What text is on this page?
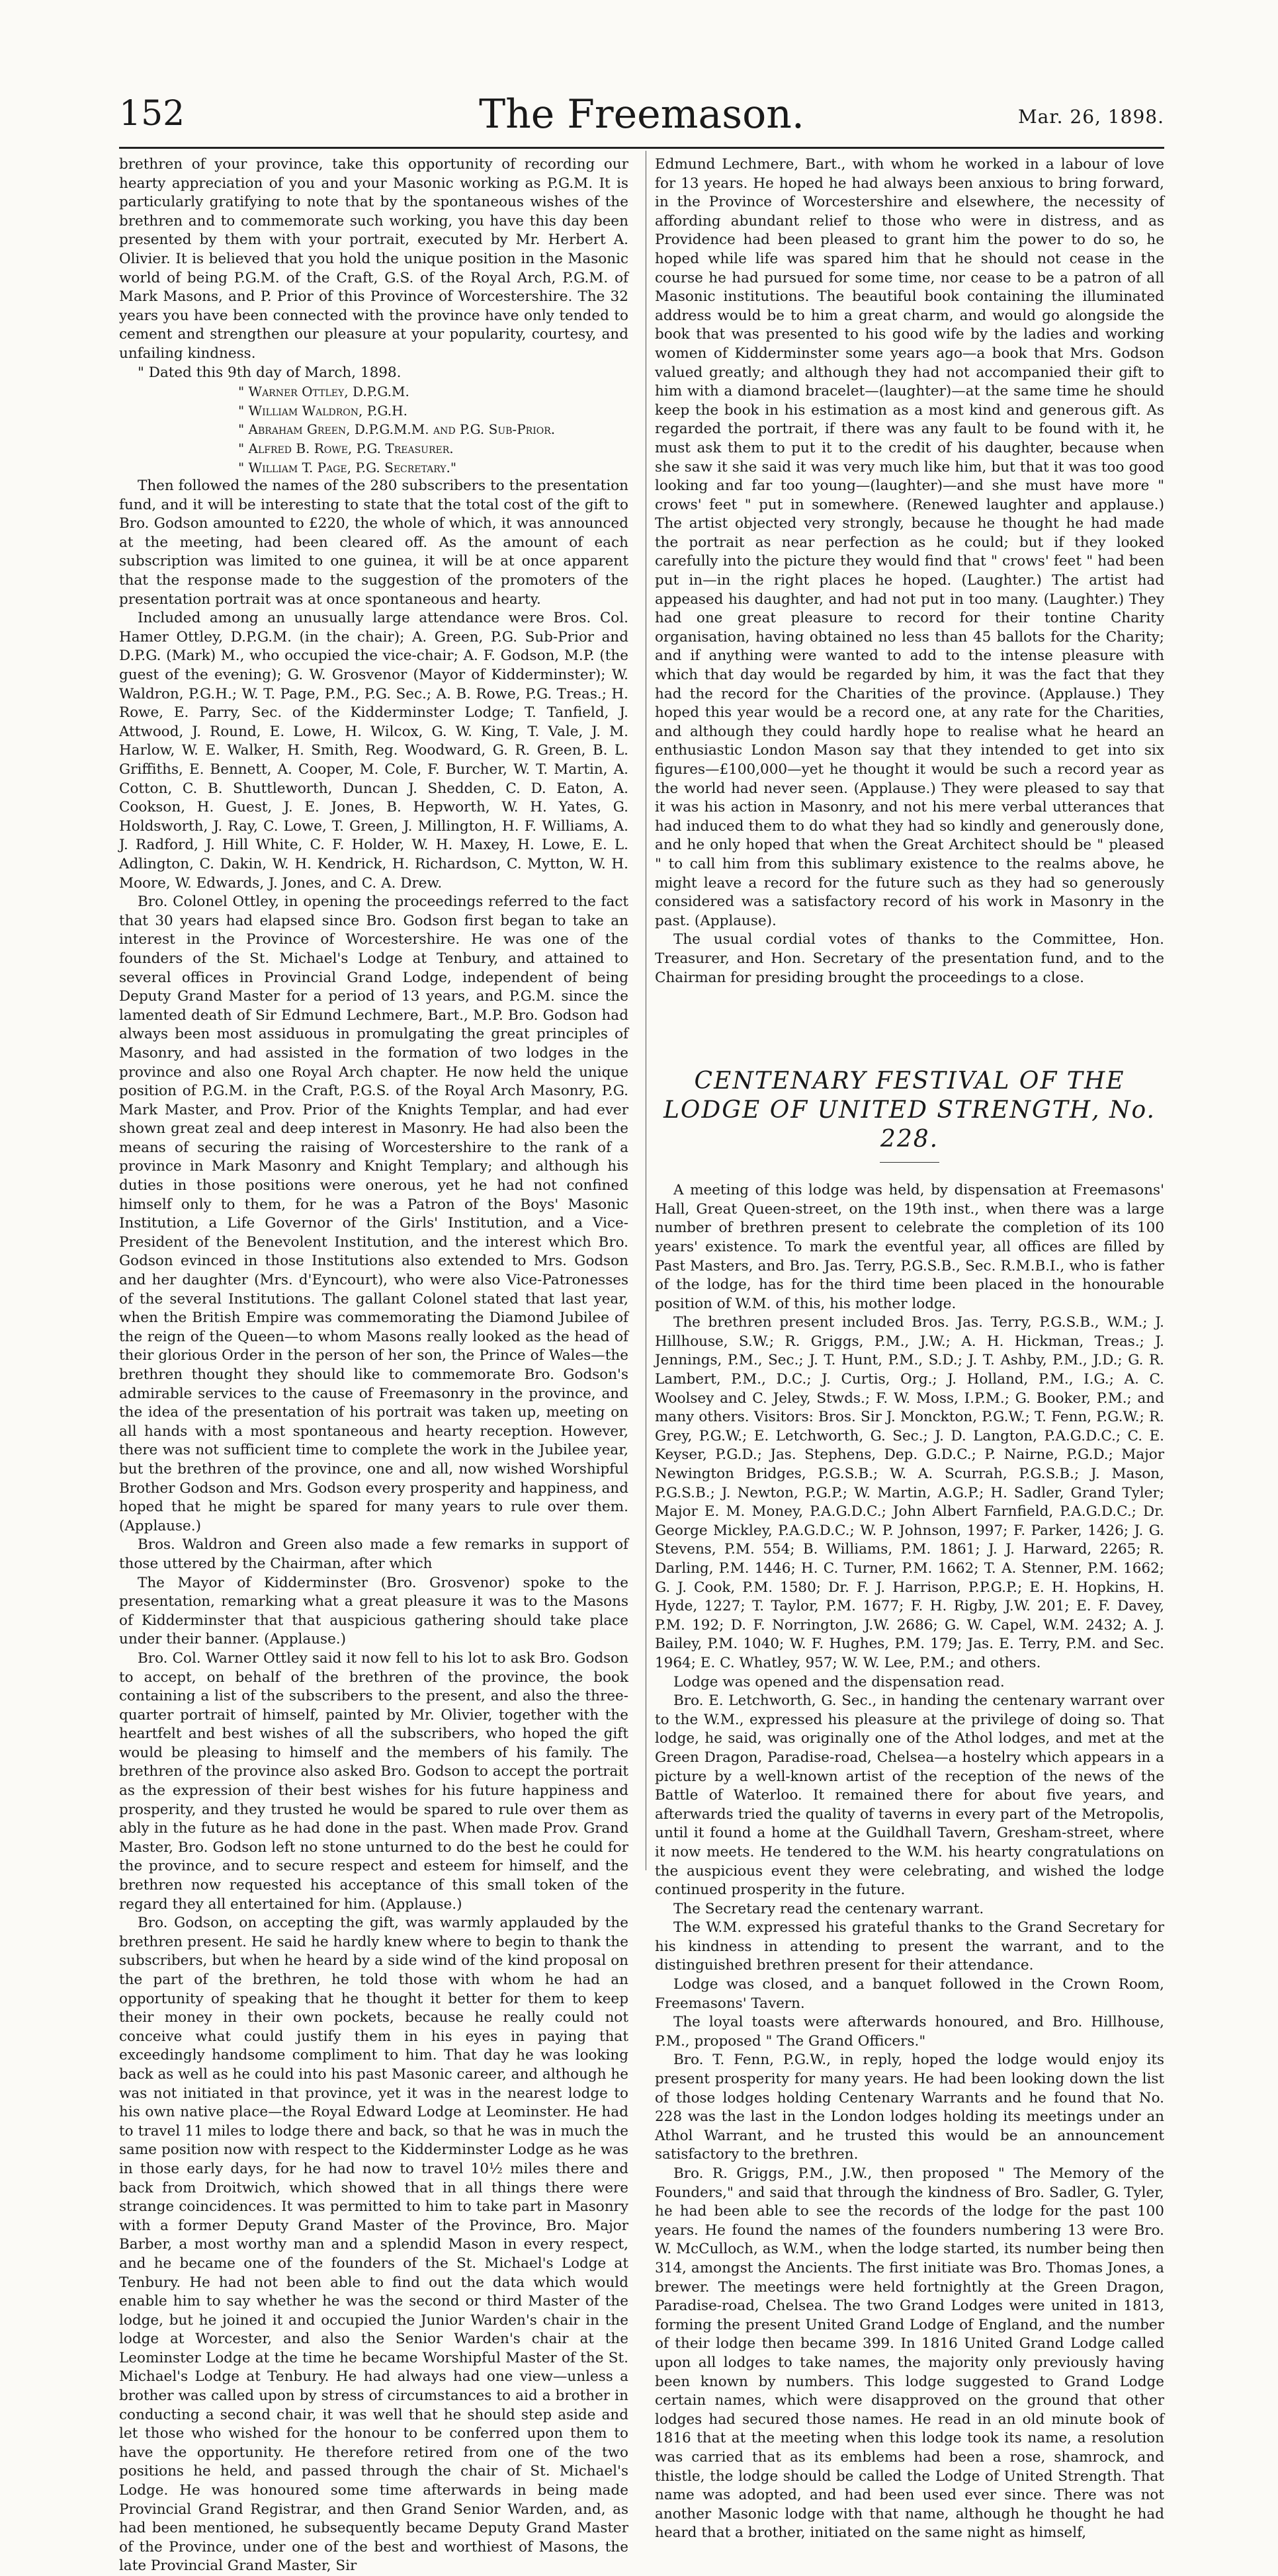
152	The Freemason.	Mar. 26, 1898.

brethren of your province, take this opportunity of recording our hearty appreciation of you and your Masonic working as P.G.M. It is particularly gratifying to note that by the spontaneous wishes of the brethren and to commemorate such working, you have this day been presented by them with your portrait, executed by Mr. Herbert A. Olivier. It is believed that you hold the unique position in the Masonic world of being P.G.M. of the Craft, G.S. of the Royal Arch, P.G.M. of Mark Masons, and P. Prior of this Province of Worcestershire. The 32 years you have been connected with the province have only tended to cement and strengthen our pleasure at your popularity, courtesy, and unfailing kindness.

" Dated this 9th day of March, 1898.

" Warner Ottley, D.P.G.M.
" William Waldron, P.G.H.
" Abraham Green, D.P.G.M.M. and P.G. Sub-Prior.
" Alfred B. Rowe, P.G. Treasurer.
" William T. Page, P.G. Secretary."

Then followed the names of the 280 subscribers to the presentation fund, and it will be interesting to state that the total cost of the gift to Bro. Godson amounted to £220, the whole of which, it was announced at the meeting, had been cleared off. As the amount of each subscription was limited to one guinea, it will be at once apparent that the response made to the suggestion of the promoters of the presentation portrait was at once spontaneous and hearty.

Included among an unusually large attendance were Bros. Col. Hamer Ottley, D.P.G.M. (in the chair); A. Green, P.G. Sub-Prior and D.P.G. (Mark) M., who occupied the vice-chair; A. F. Godson, M.P. (the guest of the evening); G. W. Grosvenor (Mayor of Kidderminster); W. Waldron, P.G.H.; W. T. Page, P.M., P.G. Sec.; A. B. Rowe, P.G. Treas.; H. Rowe, E. Parry, Sec. of the Kidderminster Lodge; T. Tanfield, J. Attwood, J. Round, E. Lowe, H. Wilcox, G. W. King, T. Vale, J. M. Harlow, W. E. Walker, H. Smith, Reg. Woodward, G. R. Green, B. L. Griffiths, E. Bennett, A. Cooper, M. Cole, F. Burcher, W. T. Martin, A. Cotton, C. B. Shuttleworth, Duncan J. Shedden, C. D. Eaton, A. Cookson, H. Guest, J. E. Jones, B. Hepworth, W. H. Yates, G. Holdsworth, J. Ray, C. Lowe, T. Green, J. Millington, H. F. Williams, A. J. Radford, J. Hill White, C. F. Holder, W. H. Maxey, H. Lowe, E. L. Adlington, C. Dakin, W. H. Kendrick, H. Richardson, C. Mytton, W. H. Moore, W. Edwards, J. Jones, and C. A. Drew.

Bro. Colonel Ottley, in opening the proceedings referred to the fact that 30 years had elapsed since Bro. Godson first began to take an interest in the Province of Worcestershire. He was one of the founders of the St. Michael's Lodge at Tenbury, and attained to several offices in Provincial Grand Lodge, independent of being Deputy Grand Master for a period of 13 years, and P.G.M. since the lamented death of Sir Edmund Lechmere, Bart., M.P. Bro. Godson had always been most assiduous in promulgating the great principles of Masonry, and had assisted in the formation of two lodges in the province and also one Royal Arch chapter. He now held the unique position of P.G.M. in the Craft, P.G.S. of the Royal Arch Masonry, P.G. Mark Master, and Prov. Prior of the Knights Templar, and had ever shown great zeal and deep interest in Masonry. He had also been the means of securing the raising of Worcestershire to the rank of a province in Mark Masonry and Knight Templary; and although his duties in those positions were onerous, yet he had not confined himself only to them, for he was a Patron of the Boys' Masonic Institution, a Life Governor of the Girls' Institution, and a Vice-President of the Benevolent Institution, and the interest which Bro. Godson evinced in those Institutions also extended to Mrs. Godson and her daughter (Mrs. d'Eyncourt), who were also Vice-Patronesses of the several Institutions. The gallant Colonel stated that last year, when the British Empire was commemorating the Diamond Jubilee of the reign of the Queen—to whom Masons really looked as the head of their glorious Order in the person of her son, the Prince of Wales—the brethren thought they should like to commemorate Bro. Godson's admirable services to the cause of Freemasonry in the province, and the idea of the presentation of his portrait was taken up, meeting on all hands with a most spontaneous and hearty reception. However, there was not sufficient time to complete the work in the Jubilee year, but the brethren of the province, one and all, now wished Worshipful Brother Godson and Mrs. Godson every prosperity and happiness, and hoped that he might be spared for many years to rule over them. (Applause.)

Bros. Waldron and Green also made a few remarks in support of those uttered by the Chairman, after which

The Mayor of Kidderminster (Bro. Grosvenor) spoke to the presentation, remarking what a great pleasure it was to the Masons of Kidderminster that that auspicious gathering should take place under their banner. (Applause.)

Bro. Col. Warner Ottley said it now fell to his lot to ask Bro. Godson to accept, on behalf of the brethren of the province, the book containing a list of the subscribers to the present, and also the three-quarter portrait of himself, painted by Mr. Olivier, together with the heartfelt and best wishes of all the subscribers, who hoped the gift would be pleasing to himself and the members of his family. The brethren of the province also asked Bro. Godson to accept the portrait as the expression of their best wishes for his future happiness and prosperity, and they trusted he would be spared to rule over them as ably in the future as he had done in the past. When made Prov. Grand Master, Bro. Godson left no stone unturned to do the best he could for the province, and to secure respect and esteem for himself, and the brethren now requested his acceptance of this small token of the regard they all entertained for him. (Applause.)

Bro. Godson, on accepting the gift, was warmly applauded by the brethren present. He said he hardly knew where to begin to thank the subscribers, but when he heard by a side wind of the kind proposal on the part of the brethren, he told those with whom he had an opportunity of speaking that he thought it better for them to keep their money in their own pockets, because he really could not conceive what could justify them in his eyes in paying that exceedingly handsome compliment to him. That day he was looking back as well as he could into his past Masonic career, and although he was not initiated in that province, yet it was in the nearest lodge to his own native place—the Royal Edward Lodge at Leominster. He had to travel 11 miles to lodge there and back, so that he was in much the same position now with respect to the Kidderminster Lodge as he was in those early days, for he had now to travel 10½ miles there and back from Droitwich, which showed that in all things there were strange coincidences. It was permitted to him to take part in Masonry with a former Deputy Grand Master of the Province, Bro. Major Barber, a most worthy man and a splendid Mason in every respect, and he became one of the founders of the St. Michael's Lodge at Tenbury. He had not been able to find out the data which would enable him to say whether he was the second or third Master of the lodge, but he joined it and occupied the Junior Warden's chair in the lodge at Worcester, and also the Senior Warden's chair at the Leominster Lodge at the time he became Worshipful Master of the St. Michael's Lodge at Tenbury. He had always had one view—unless a brother was called upon by stress of circumstances to aid a brother in conducting a second chair, it was well that he should step aside and let those who wished for the honour to be conferred upon them to have the opportunity. He therefore retired from one of the two positions he held, and passed through the chair of St. Michael's Lodge. He was honoured some time afterwards in being made Provincial Grand Registrar, and then Grand Senior Warden, and, as had been mentioned, he subsequently became Deputy Grand Master of the Province, under one of the best and worthiest of Masons, the late Provincial Grand Master, Sir

Edmund Lechmere, Bart., with whom he worked in a labour of love for 13 years. He hoped he had always been anxious to bring forward, in the Province of Worcestershire and elsewhere, the necessity of affording abundant relief to those who were in distress, and as Providence had been pleased to grant him the power to do so, he hoped while life was spared him that he should not cease in the course he had pursued for some time, nor cease to be a patron of all Masonic institutions. The beautiful book containing the illuminated address would be to him a great charm, and would go alongside the book that was presented to his good wife by the ladies and working women of Kidderminster some years ago—a book that Mrs. Godson valued greatly; and although they had not accompanied their gift to him with a diamond bracelet—(laughter)—at the same time he should keep the book in his estimation as a most kind and generous gift. As regarded the portrait, if there was any fault to be found with it, he must ask them to put it to the credit of his daughter, because when she saw it she said it was very much like him, but that it was too good looking and far too young—(laughter)—and she must have more " crows' feet " put in somewhere. (Renewed laughter and applause.) The artist objected very strongly, because he thought he had made the portrait as near perfection as he could; but if they looked carefully into the picture they would find that " crows' feet " had been put in—in the right places he hoped. (Laughter.) The artist had appeased his daughter, and had not put in too many. (Laughter.) They had one great pleasure to record for their tontine Charity organisation, having obtained no less than 45 ballots for the Charity; and if anything were wanted to add to the intense pleasure with which that day would be regarded by him, it was the fact that they had the record for the Charities of the province. (Applause.) They hoped this year would be a record one, at any rate for the Charities, and although they could hardly hope to realise what he heard an enthusiastic London Mason say that they intended to get into six figures—£100,000—yet he thought it would be such a record year as the world had never seen. (Applause.) They were pleased to say that it was his action in Masonry, and not his mere verbal utterances that had induced them to do what they had so kindly and generously done, and he only hoped that when the Great Architect should be " pleased " to call him from this sublimary existence to the realms above, he might leave a record for the future such as they had so generously considered was a satisfactory record of his work in Masonry in the past. (Applause).

The usual cordial votes of thanks to the Committee, Hon. Treasurer, and Hon. Secretary of the presentation fund, and to the Chairman for presiding brought the proceedings to a close.

CENTENARY FESTIVAL OF THE LODGE OF UNITED STRENGTH, No. 228.

A meeting of this lodge was held, by dispensation at Freemasons' Hall, Great Queen-street, on the 19th inst., when there was a large number of brethren present to celebrate the completion of its 100 years' existence. To mark the eventful year, all offices are filled by Past Masters, and Bro. Jas. Terry, P.G.S.B., Sec. R.M.B.I., who is father of the lodge, has for the third time been placed in the honourable position of W.M. of this, his mother lodge.

The brethren present included Bros. Jas. Terry, P.G.S.B., W.M.; J. Hillhouse, S.W.; R. Griggs, P.M., J.W.; A. H. Hickman, Treas.; J. Jennings, P.M., Sec.; J. T. Hunt, P.M., S.D.; J. T. Ashby, P.M., J.D.; G. R. Lambert, P.M., D.C.; J. Curtis, Org.; J. Holland, P.M., I.G.; A. C. Woolsey and C. Jeley, Stwds.; F. W. Moss, I.P.M.; G. Booker, P.M.; and many others. Visitors: Bros. Sir J. Monckton, P.G.W.; T. Fenn, P.G.W.; R. Grey, P.G.W.; E. Letchworth, G. Sec.; J. D. Langton, P.A.G.D.C.; C. E. Keyser, P.G.D.; Jas. Stephens, Dep. G.D.C.; P. Nairne, P.G.D.; Major Newington Bridges, P.G.S.B.; W. A. Scurrah, P.G.S.B.; J. Mason, P.G.S.B.; J. Newton, P.G.P.; W. Martin, A.G.P.; H. Sadler, Grand Tyler; Major E. M. Money, P.A.G.D.C.; John Albert Farnfield, P.A.G.D.C.; Dr. George Mickley, P.A.G.D.C.; W. P. Johnson, 1997; F. Parker, 1426; J. G. Stevens, P.M. 554; B. Williams, P.M. 1861; J. J. Harward, 2265; R. Darling, P.M. 1446; H. C. Turner, P.M. 1662; T. A. Stenner, P.M. 1662; G. J. Cook, P.M. 1580; Dr. F. J. Harrison, P.P.G.P.; E. H. Hopkins, H. Hyde, 1227; T. Taylor, P.M. 1677; F. H. Rigby, J.W. 201; E. F. Davey, P.M. 192; D. F. Norrington, J.W. 2686; G. W. Capel, W.M. 2432; A. J. Bailey, P.M. 1040; W. F. Hughes, P.M. 179; Jas. E. Terry, P.M. and Sec. 1964; E. C. Whatley, 957; W. W. Lee, P.M.; and others.

Lodge was opened and the dispensation read.

Bro. E. Letchworth, G. Sec., in handing the centenary warrant over to the W.M., expressed his pleasure at the privilege of doing so. That lodge, he said, was originally one of the Athol lodges, and met at the Green Dragon, Paradise-road, Chelsea—a hostelry which appears in a picture by a well-known artist of the reception of the news of the Battle of Waterloo. It remained there for about five years, and afterwards tried the quality of taverns in every part of the Metropolis, until it found a home at the Guildhall Tavern, Gresham-street, where it now meets. He tendered to the W.M. his hearty congratulations on the auspicious event they were celebrating, and wished the lodge continued prosperity in the future.

The Secretary read the centenary warrant.

The W.M. expressed his grateful thanks to the Grand Secretary for his kindness in attending to present the warrant, and to the distinguished brethren present for their attendance.

Lodge was closed, and a banquet followed in the Crown Room, Freemasons' Tavern.

The loyal toasts were afterwards honoured, and Bro. Hillhouse, P.M., proposed " The Grand Officers."

Bro. T. Fenn, P.G.W., in reply, hoped the lodge would enjoy its present prosperity for many years. He had been looking down the list of those lodges holding Centenary Warrants and he found that No. 228 was the last in the London lodges holding its meetings under an Athol Warrant, and he trusted this would be an announcement satisfactory to the brethren.

Bro. R. Griggs, P.M., J.W., then proposed " The Memory of the Founders," and said that through the kindness of Bro. Sadler, G. Tyler, he had been able to see the records of the lodge for the past 100 years. He found the names of the founders numbering 13 were Bro. W. McCulloch, as W.M., when the lodge started, its number being then 314, amongst the Ancients. The first initiate was Bro. Thomas Jones, a brewer. The meetings were held fortnightly at the Green Dragon, Paradise-road, Chelsea. The two Grand Lodges were united in 1813, forming the present United Grand Lodge of England, and the number of their lodge then became 399. In 1816 United Grand Lodge called upon all lodges to take names, the majority only previously having been known by numbers. This lodge suggested to Grand Lodge certain names, which were disapproved on the ground that other lodges had secured those names. He read in an old minute book of 1816 that at the meeting when this lodge took its name, a resolution was carried that as its emblems had been a rose, shamrock, and thistle, the lodge should be called the Lodge of United Strength. That name was adopted, and had been used ever since. There was not another Masonic lodge with that name, although he thought he had heard that a brother, initiated on the same night as himself,
